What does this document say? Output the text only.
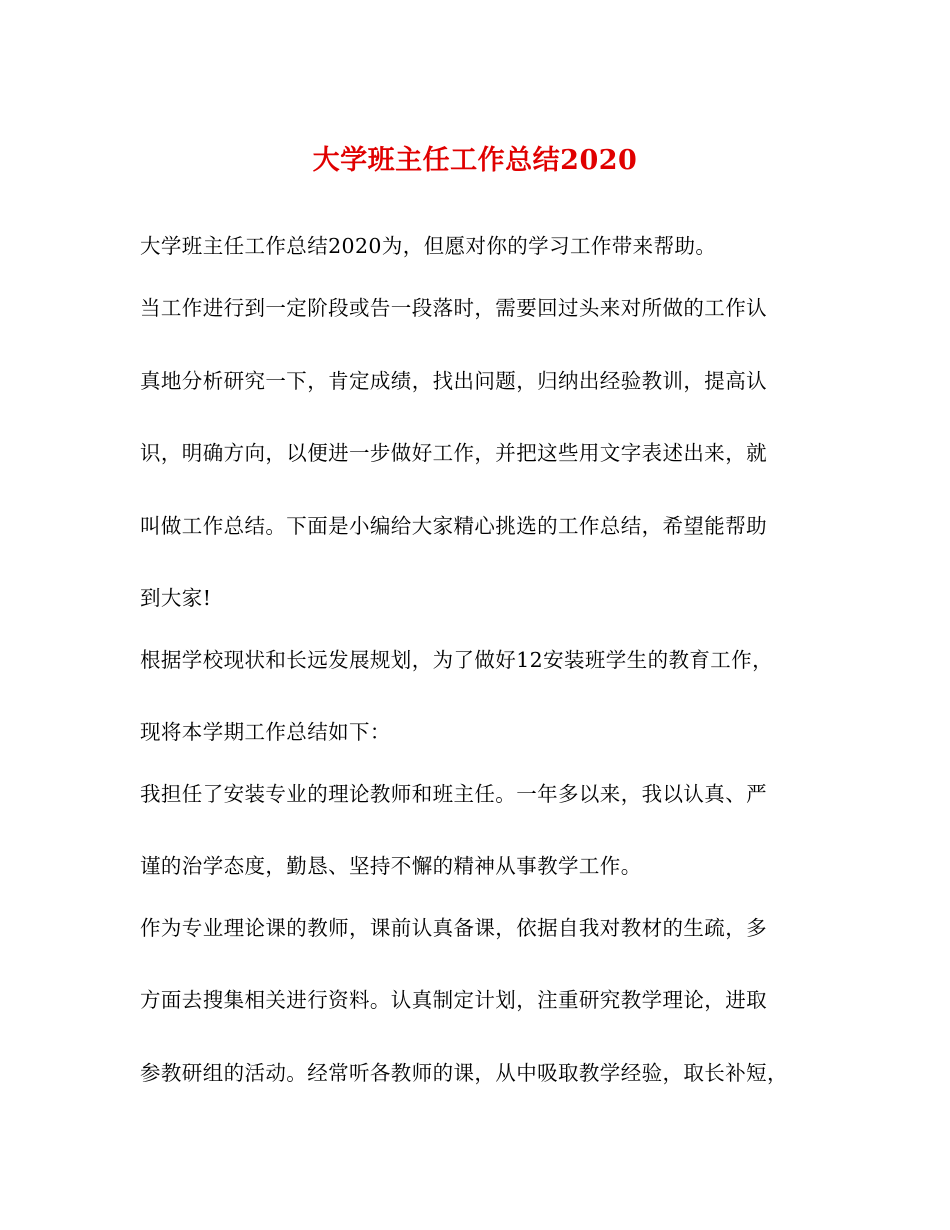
大学班主任工作总结2020
大学班主任工作总结2020为，但愿对你的学习工作带来帮助。
当工作进行到一定阶段或告一段落时，需要回过头来对所做的工作认
真地分析研究一下，肯定成绩，找出问题，归纳出经验教训，提高认
识，明确方向，以便进一步做好工作，并把这些用文字表述出来，就
叫做工作总结。下面是小编给大家精心挑选的工作总结，希望能帮助
到大家!
根据学校现状和长远发展规划，为了做好12安装班学生的教育工作，
现将本学期工作总结如下：
我担任了安装专业的理论教师和班主任。一年多以来，我以认真、严
谨的治学态度，勤恳、坚持不懈的精神从事教学工作。
作为专业理论课的教师，课前认真备课，依据自我对教材的生疏，多
方面去搜集相关进行资料。认真制定计划，注重研究教学理论，进取
参教研组的活动。经常听各教师的课，从中吸取教学经验，取长补短，
